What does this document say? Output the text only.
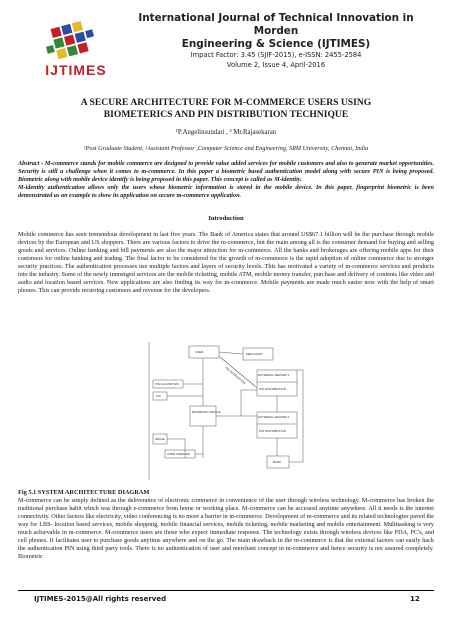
IJTIMES
International Journal of Technical Innovation in Morden
Engineering & Science (IJTIMES)
Impact Factor: 3.45 (SJIF-2015), e-ISSN: 2455-2584
Volume 2, Issue 4, April-2016
A SECURE ARCHITECTURE FOR M-COMMERCE USERS USING
BIOMETERICS AND PIN DISTRIBUTION TECHNIQUE
¹P.Angelinsundari , ² Mr.Rajasekaran
¹Post Graduate Student, ²Assistant Professor ,Computer Science and Engineering, SRM University, Chennai, India

Abstract - M-commerce stands for mobile commerce are designed to provide value added services for mobile customers and also to generate market opportunities. Security is still a challenge when it comes to m-commerce. In this paper a biometric based authentication model along with secure PIN is being proposed. Biometric along with mobile device identify is being proposed in this paper. This concept is called as M-identity.

M-identity authentication allows only the users whose biometric information is stored in the mobile device. In this paper, fingerprint biometric is been demonstrated as an example to show its application on secure m-commerce application.

Introduction

Mobile commerce has seen tremendous development in last five years. The Bank of America states that around US$67.1 billion will be the purchase through mobile devices by the European and US shoppers. There are various factors to drive the m-commerce, but the main among all is the consumer demand for buying and selling goods and services. Online banking and bill payments are also the major attraction for m-commerce. All the banks and brokerages are offering mobile apps for their customers for online banking and trading. The final factor to be considered for the growth of m-commerce is the rapid adoption of online commerce due to stronger security practices. The authentication processes use multiple factors and layers of security levels. This has motivated a variety of m-commerce services and products into the industry. Some of the newly immerged services are the mobile ticketing, mobile ATM, mobile money transfer, purchase and delivery of contents like video and audio and location based services. New applications are also finding its way for m-commerce. Mobile payments are made much easier now with the help of smart phones. This can provide recurring customers and revenue for the developers.

USER	MERCHANT
PIN ALGORITHM
PIC
BIOMETRIC DEVICE
EXTERNAL SERVER 1
PIN DISTRIBUTION
EXTERNAL SERVER 2
PIN DISTRIBUTION
IMAGE
USER VERIFIED
BANK
PIN GENERATION
Fig 5.1 SYSTEM ARCHITECTURE DIAGRAM

M-commerce can be simply defined as the deliverance of electronic commerce in convenience of the user through wireless technology. M-commerce has broken the traditional purchase habit which was through e-commerce from home or working place. M-commerce can be accessed anytime anywhere. All it needs is the internet connectivity. Other factors like electricity, video conferencing is no more a barrier in m-commerce. Development of m-commerce and its related technologies paved the way for LBS- location based services, mobile shopping, mobile financial services, mobile ticketing, mobile marketing and mobile entertainment. Multitasking is very much achievable in m-commerce. M-commerce users are those who expect immediate response. The technology exists through wireless devices like PDA, PC's, and cell phones. It facilitates user to purchase goods anytime anywhere and on the go. The main drawback in the m-commerce is that the external factors can easily hack the authentication PIN using third party tools. There is no authentication of user and merchant concept in m-commerce and hence security is not assured completely. Biometric

IJTIMES-2015@All rights reserved	12
